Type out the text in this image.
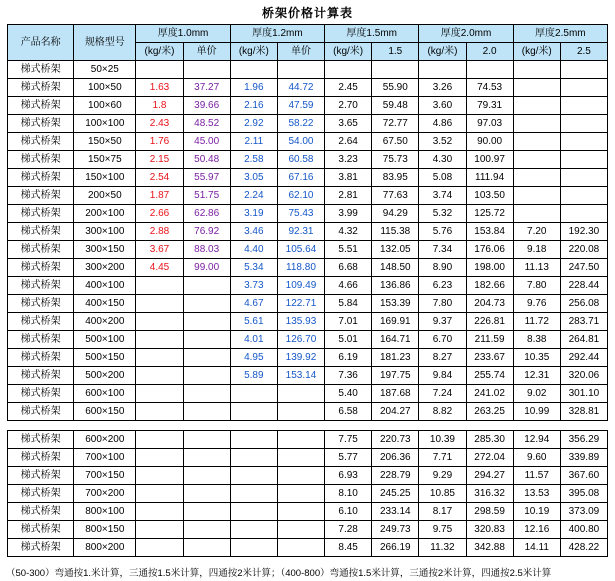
桥架价格计算表
产品名称	规格型号	厚度1.0mm		厚度1.2mm		厚度1.5mm		厚度2.0mm		厚度2.5mm	
		(kg/米)	单价	(kg/米)	单价	(kg/米)	1.5	(kg/米)	2.0	(kg/米)	2.5
梯式桥架	50×25										
梯式桥架	100×50	1.63	37.27	1.96	44.72	2.45	55.90	3.26	74.53		
梯式桥架	100×60	1.8	39.66	2.16	47.59	2.70	59.48	3.60	79.31		
梯式桥架	100×100	2.43	48.52	2.92	58.22	3.65	72.77	4.86	97.03		
梯式桥架	150×50	1.76	45.00	2.11	54.00	2.64	67.50	3.52	90.00		
梯式桥架	150×75	2.15	50.48	2.58	60.58	3.23	75.73	4.30	100.97		
梯式桥架	150×100	2.54	55.97	3.05	67.16	3.81	83.95	5.08	111.94		
梯式桥架	200×50	1.87	51.75	2.24	62.10	2.81	77.63	3.74	103.50		
梯式桥架	200×100	2.66	62.86	3.19	75.43	3.99	94.29	5.32	125.72		
梯式桥架	300×100	2.88	76.92	3.46	92.31	4.32	115.38	5.76	153.84	7.20	192.30
梯式桥架	300×150	3.67	88.03	4.40	105.64	5.51	132.05	7.34	176.06	9.18	220.08
梯式桥架	300×200	4.45	99.00	5.34	118.80	6.68	148.50	8.90	198.00	11.13	247.50
梯式桥架	400×100			3.73	109.49	4.66	136.86	6.23	182.66	7.80	228.44
梯式桥架	400×150			4.67	122.71	5.84	153.39	7.80	204.73	9.76	256.08
梯式桥架	400×200			5.61	135.93	7.01	169.91	9.37	226.81	11.72	283.71
梯式桥架	500×100			4.01	126.70	5.01	164.71	6.70	211.59	8.38	264.81
梯式桥架	500×150			4.95	139.92	6.19	181.23	8.27	233.67	10.35	292.44
梯式桥架	500×200			5.89	153.14	7.36	197.75	9.84	255.74	12.31	320.06
梯式桥架	600×100					5.40	187.68	7.24	241.02	9.02	301.10
梯式桥架	600×150					6.58	204.27	8.82	263.25	10.99	328.81
梯式桥架	600×200					7.75	220.73	10.39	285.30	12.94	356.29
梯式桥架	700×100					5.77	206.36	7.71	272.04	9.60	339.89
梯式桥架	700×150					6.93	228.79	9.29	294.27	11.57	367.60
梯式桥架	700×200					8.10	245.25	10.85	316.32	13.53	395.08
梯式桥架	800×100					6.10	233.14	8.17	298.59	10.19	373.09
梯式桥架	800×150					7.28	249.73	9.75	320.83	12.16	400.80
梯式桥架	800×200					8.45	266.19	11.32	342.88	14.11	428.22
（50-300）弯通按1.米计算，三通按1.5米计算，四通按2米计算；（400-800）弯通按1.5米计算，三通按2米计算，四通按2.5米计算
